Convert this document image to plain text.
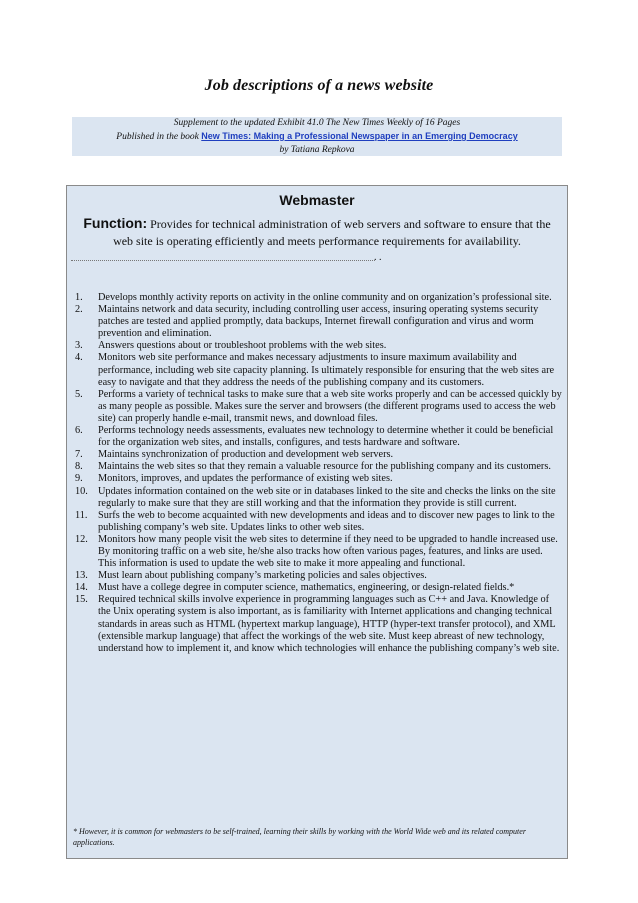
Job descriptions of a news website
Supplement to the updated Exhibit 41.0 The New Times Weekly of 16 Pages
Published in the book New Times: Making a Professional Newspaper in an Emerging Democracy
by Tatiana Repkova
Webmaster
Function: Provides for technical administration of web servers and software to ensure that the web site is operating efficiently and meets performance requirements for availability.
. .
1. Develops monthly activity reports on activity in the online community and on organization’s professional site.
2. Maintains network and data security, including controlling user access, insuring operating systems security patches are tested and applied promptly, data backups, Internet firewall configuration and virus and worm prevention and elimination.
3. Answers questions about or troubleshoot problems with the web sites.
4. Monitors web site performance and makes necessary adjustments to insure maximum availability and performance, including web site capacity planning. Is ultimately responsible for ensuring that the web sites are easy to navigate and that they address the needs of the publishing company and its customers.
5. Performs a variety of technical tasks to make sure that a web site works properly and can be accessed quickly by as many people as possible. Makes sure the server and browsers (the different programs used to access the web site) can properly handle e-mail, transmit news, and download files.
6. Performs technology needs assessments, evaluates new technology to determine whether it could be beneficial for the organization web sites, and installs, configures, and tests hardware and software.
7. Maintains synchronization of production and development web servers.
8. Maintains the web sites so that they remain a valuable resource for the publishing company and its customers.
9. Monitors, improves, and updates the performance of existing web sites.
10. Updates information contained on the web site or in databases linked to the site and checks the links on the site regularly to make sure that they are still working and that the information they provide is still current.
11. Surfs the web to become acquainted with new developments and ideas and to discover new pages to link to the publishing company’s web site. Updates links to other web sites.
12. Monitors how many people visit the web sites to determine if they need to be upgraded to handle increased use. By monitoring traffic on a web site, he/she also tracks how often various pages, features, and links are used. This information is used to update the web site to make it more appealing and functional.
13. Must learn about publishing company’s marketing policies and sales objectives.
14. Must have a college degree in computer science, mathematics, engineering, or design-related fields.*
15. Required technical skills involve experience in programming languages such as C++ and Java. Knowledge of the Unix operating system is also important, as is familiarity with Internet applications and changing technical standards in areas such as HTML (hypertext markup language), HTTP (hyper-text transfer protocol), and XML (extensible markup language) that affect the workings of the web site. Must keep abreast of new technology, understand how to implement it, and know which technologies will enhance the publishing company’s web site.
* However, it is common for webmasters to be self-trained, learning their skills by working with the World Wide web and its related computer applications.
